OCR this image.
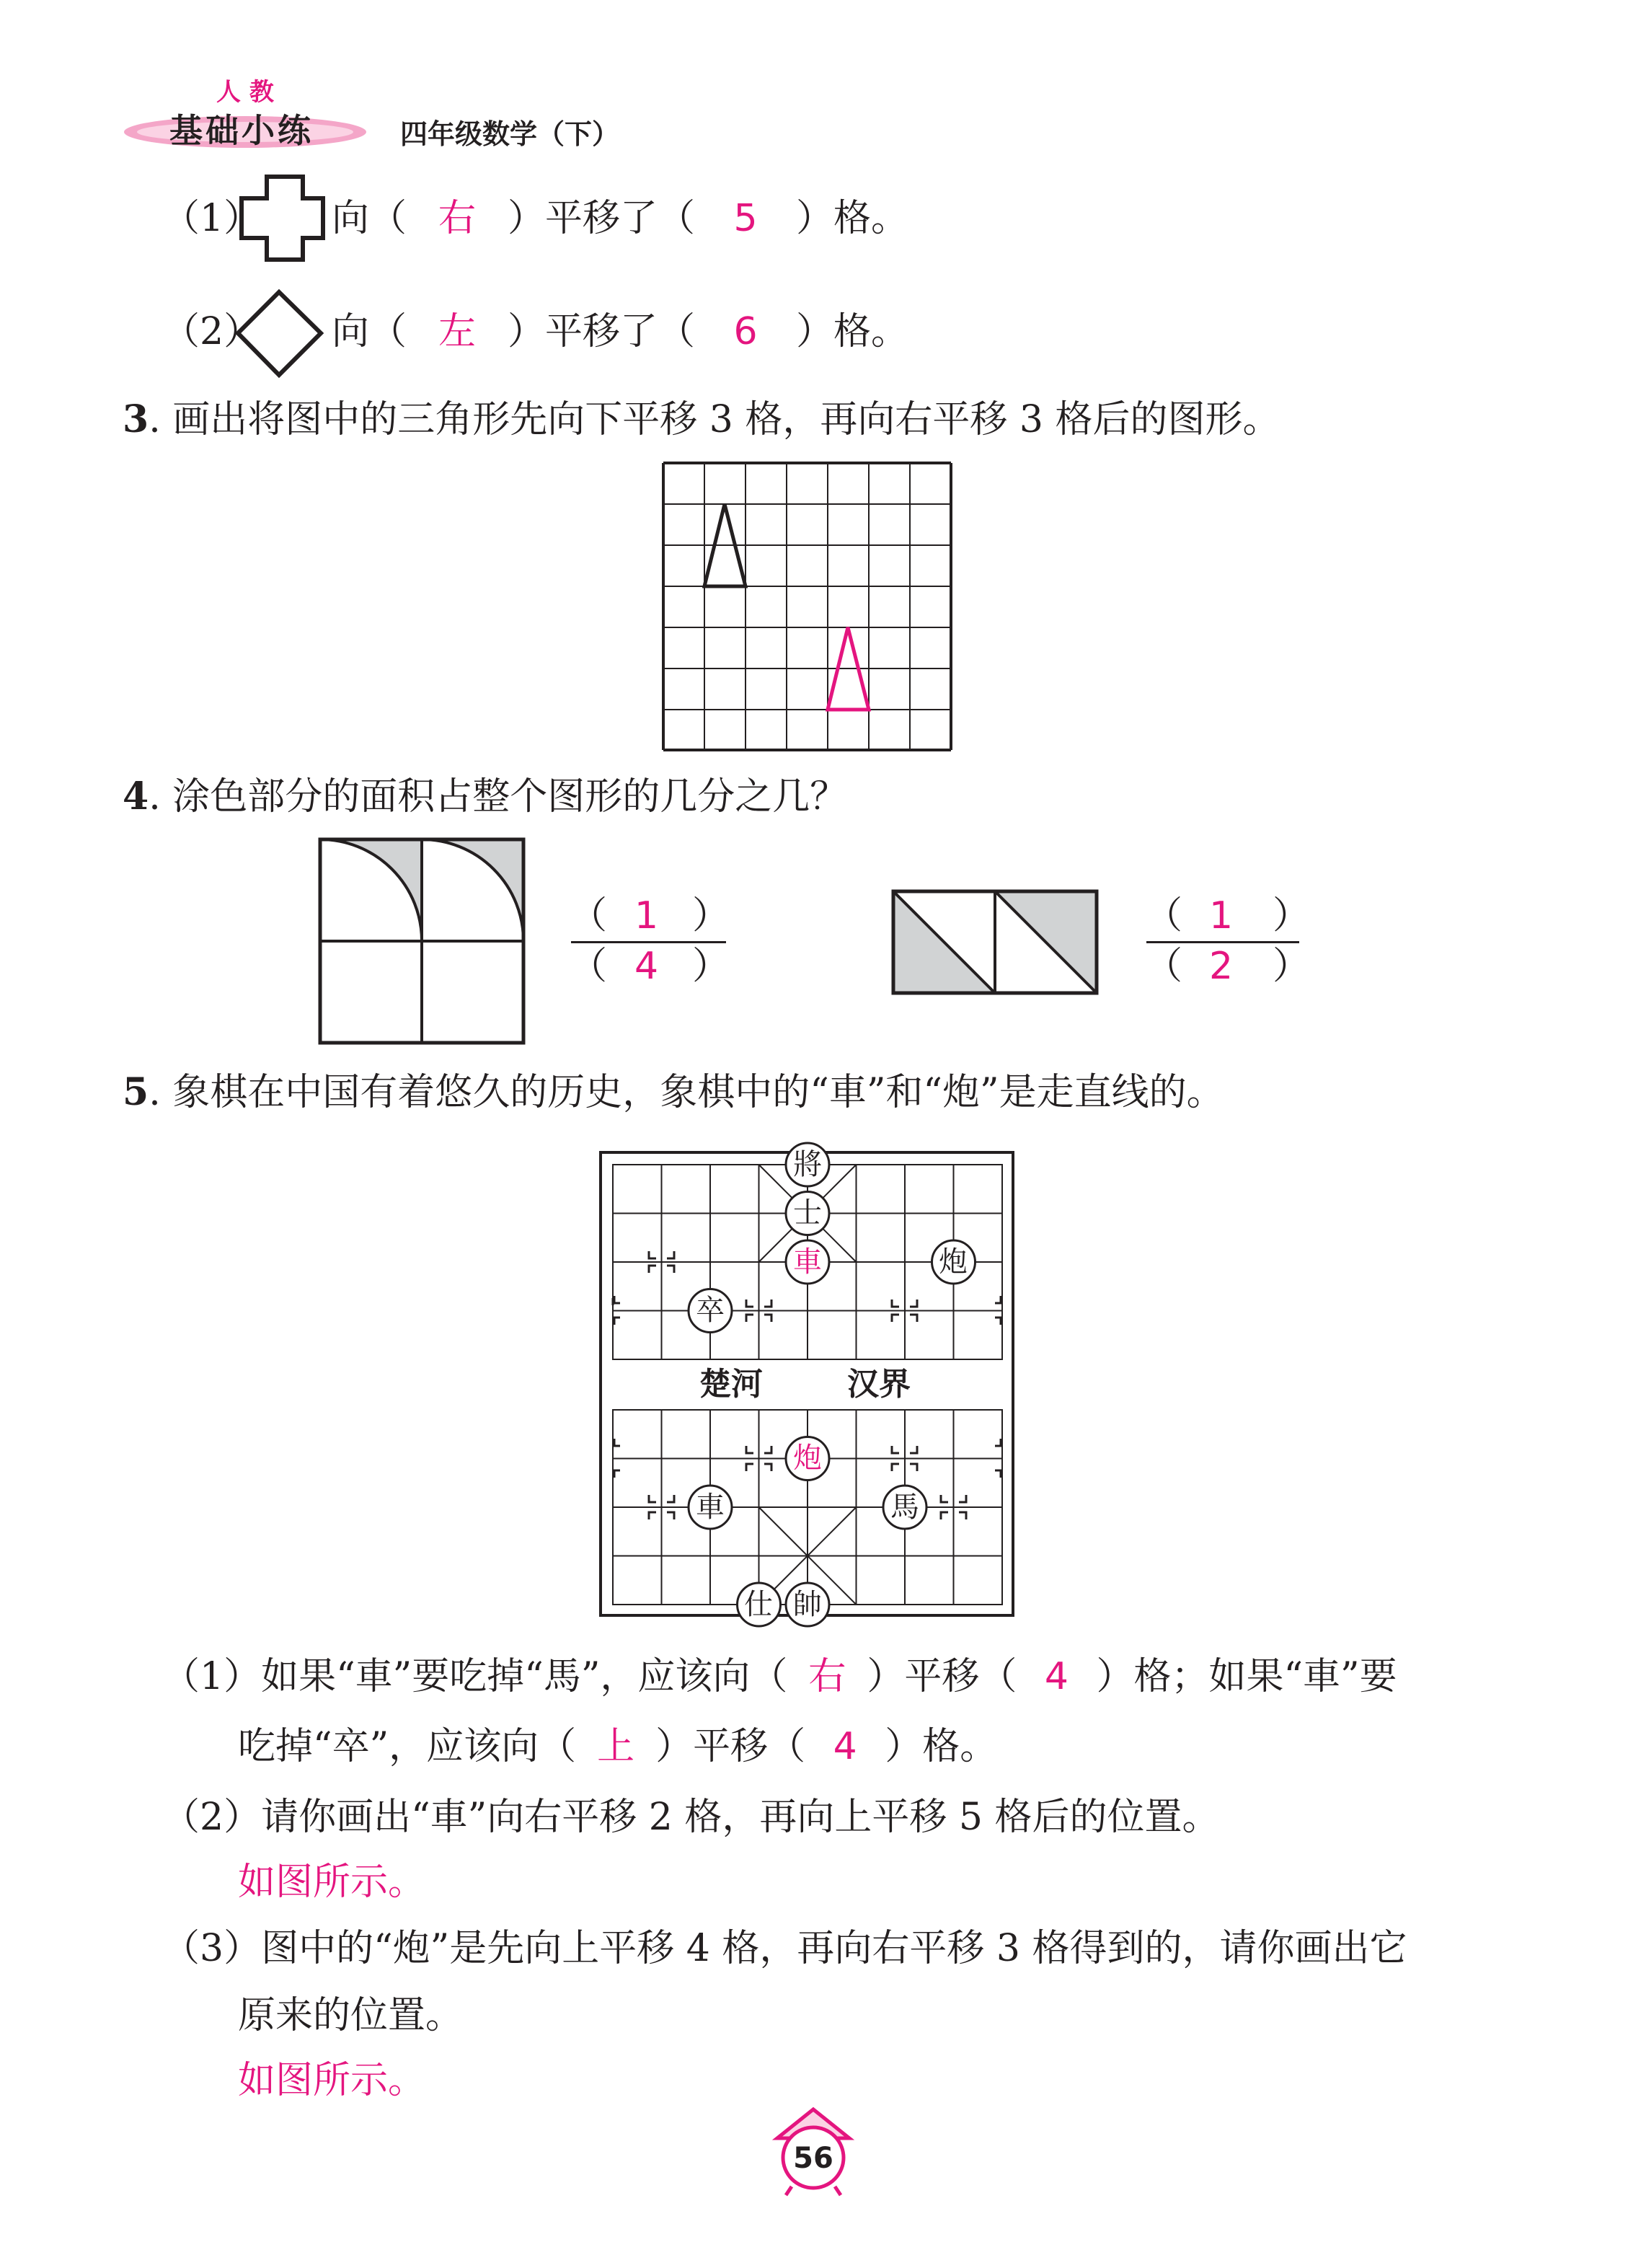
人 教
基础小练	四年级数学（下）
（1） 向（ 右 ）平移了（ 5 ）格。
（2） 向（ 左 ）平移了（ 6 ）格。
3. 画出将图中的三角形先向下平移 3 格，再向右平移 3 格后的图形。
4. 涂色部分的面积占整个图形的几分之几？
（ 1 ）
（ 4 ）
（ 1 ）
（ 2 ）
5. 象棋在中国有着悠久的历史，象棋中的“車”和“炮”是走直线的。
將
士
車	炮
卒
楚河	汉界
炮
車	馬
仕 帥
（1）如果“車”要吃掉“馬”，应该向（ 右 ）平移（ 4 ）格；如果“車”要
吃掉“卒”，应该向（ 上 ）平移（ 4 ）格。
（2）请你画出“車”向右平移 2 格，再向上平移 5 格后的位置。
如图所示。
（3）图中的“炮”是先向上平移 4 格，再向右平移 3 格得到的，请你画出它
原来的位置。
如图所示。
56
